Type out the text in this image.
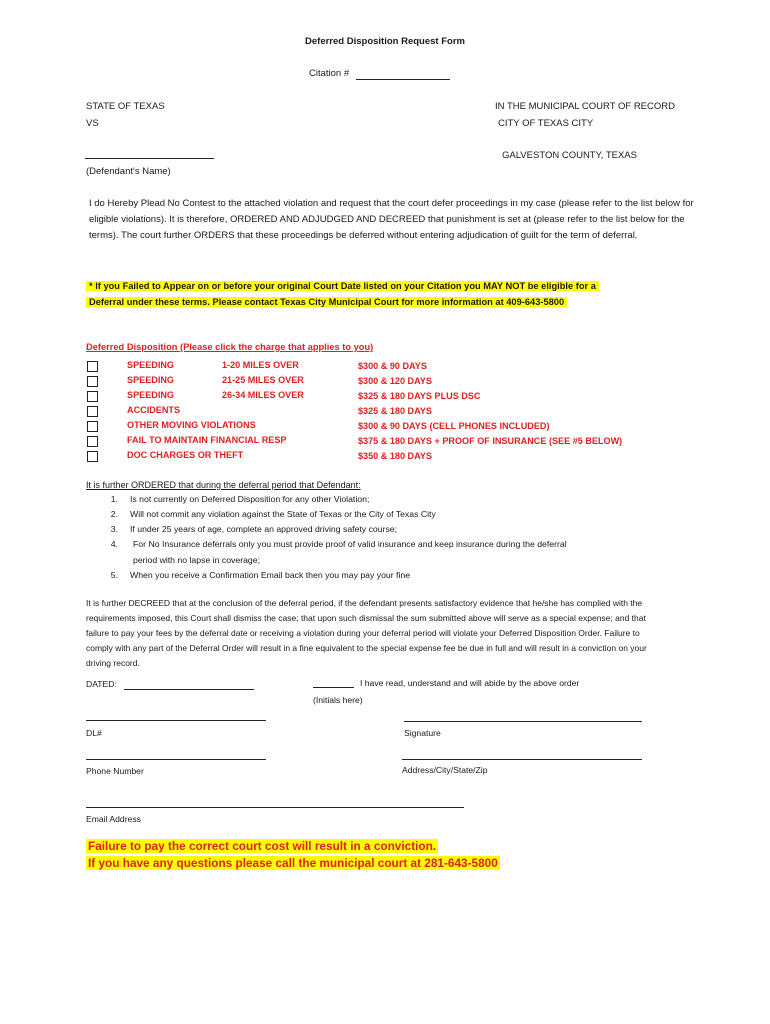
Deferred Disposition Request Form
Citation #
STATE OF TEXAS
VS
IN THE MUNICIPAL COURT OF RECORD
CITY OF TEXAS CITY
GALVESTON COUNTY, TEXAS
(Defendant's Name)
I do Hereby Plead No Contest to the attached violation and request that the court defer proceedings in my case (please refer to the list below for eligible violations). It is therefore, ORDERED AND ADJUDGED AND DECREED that punishment is set at (please refer to the list below for the terms). The court further ORDERS that these proceedings be deferred without entering adjudication of guilt for the term of deferral.
* If you Failed to Appear on or before your original Court Date listed on your Citation you MAY NOT be eligible for a Deferral under these terms. Please contact Texas City Municipal Court for more information at 409-643-5800
Deferred Disposition (Please click the charge that applies to you)
SPEEDING	1-20 MILES OVER	$300 & 90 DAYS
SPEEDING	21-25 MILES OVER	$300 & 120 DAYS
SPEEDING	26-34 MILES OVER	$325 & 180 DAYS PLUS DSC
ACCIDENTS	$325 & 180 DAYS
OTHER MOVING VIOLATIONS	$300 & 90 DAYS (CELL PHONES INCLUDED)
FAIL TO MAINTAIN FINANCIAL RESP	$375 & 180 DAYS + PROOF OF INSURANCE (SEE #5 BELOW)
DOC CHARGES OR THEFT	$350 & 180 DAYS
It is further ORDERED that during the deferral period that Defendant:
1. Is not currently on Deferred Disposition for any other Violation;
2. Will not commit any violation against the State of Texas or the City of Texas City
3. If under 25 years of age, complete an approved driving safety course;
4. For No Insurance deferrals only you must provide proof of valid insurance and keep insurance during the deferral
period with no lapse in coverage;
5. When you receive a Confirmation Email back then you may pay your fine
It is further DECREED that at the conclusion of the deferral period, if the defendant presents satisfactory evidence that he/she has complied with the requirements imposed, this Court shall dismiss the case; that upon such dismissal the sum submitted above will serve as a special expense; and that failure to pay your fees by the deferral date or receiving a violation during your deferral period will violate your Deferred Disposition Order. Failure to comply with any part of the Deferral Order will result in a fine equivalent to the special expense fee be due in full and will result in a conviction on your driving record.
DATED:	I have read, understand and will abide by the above order
(Initials here)
DL#	Signature
Phone Number	Address/City/State/Zip
Email Address
Failure to pay the correct court cost will result in a conviction.
If you have any questions please call the municipal court at 281-643-5800
